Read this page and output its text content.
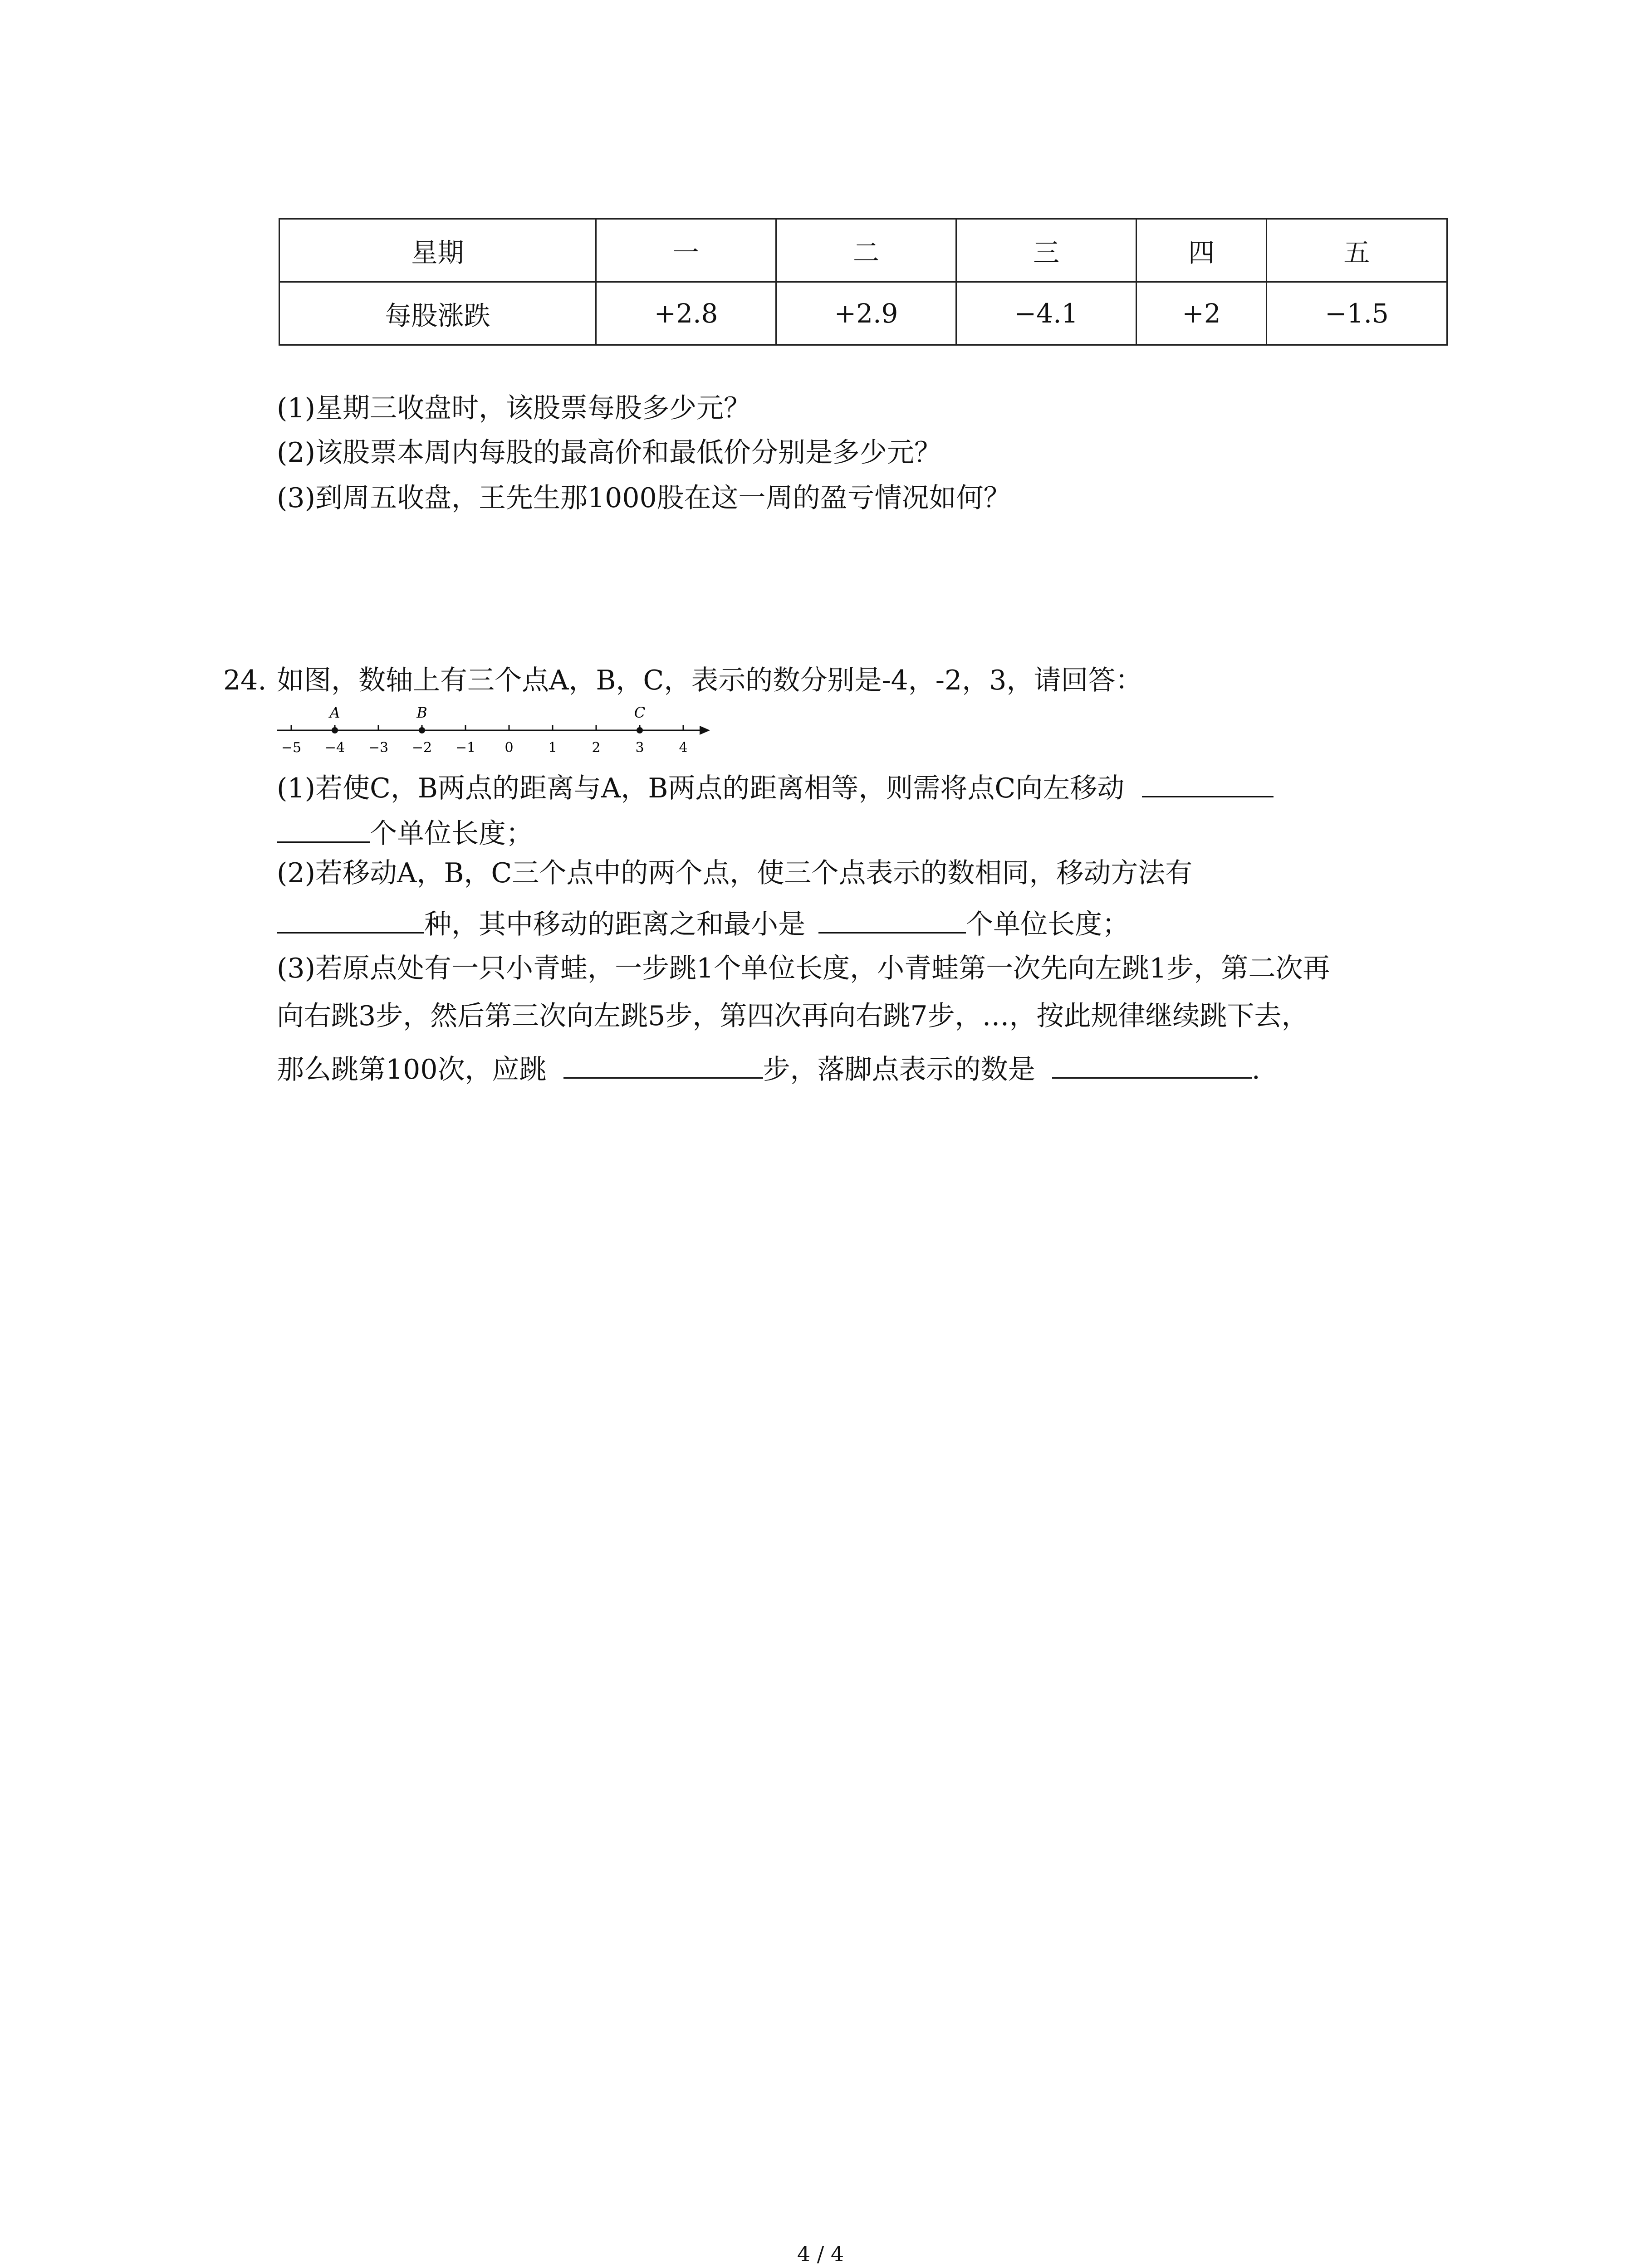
星期	一	二	三	四	五
每股涨跌	+2.8	+2.9	−4.1	+2	−1.5
(1)星期三收盘时，该股票每股多少元？
(2)该股票本周内每股的最高价和最低价分别是多少元？
(3)到周五收盘，王先生那1000股在这一周的盈亏情况如何？
24. 如图，数轴上有三个点A，B，C，表示的数分别是-4，-2，3，请回答：
−5 −4 −3 −2 −1 0	1	2	3	4
A	B	C
(1)若使C，B两点的距离与A，B两点的距离相等，则需将点C向左移动
个单位长度；
(2)若移动A，B，C三个点中的两个点，使三个点表示的数相同，移动方法有
种，其中移动的距离之和最小是	个单位长度；
(3)若原点处有一只小青蛙，一步跳1个单位长度，小青蛙第一次先向左跳1步，第二次再
向右跳3步，然后第三次向左跳5步，第四次再向右跳7步，…，按此规律继续跳下去，
那么跳第100次，应跳	步，落脚点表示的数是	.
4 / 4
